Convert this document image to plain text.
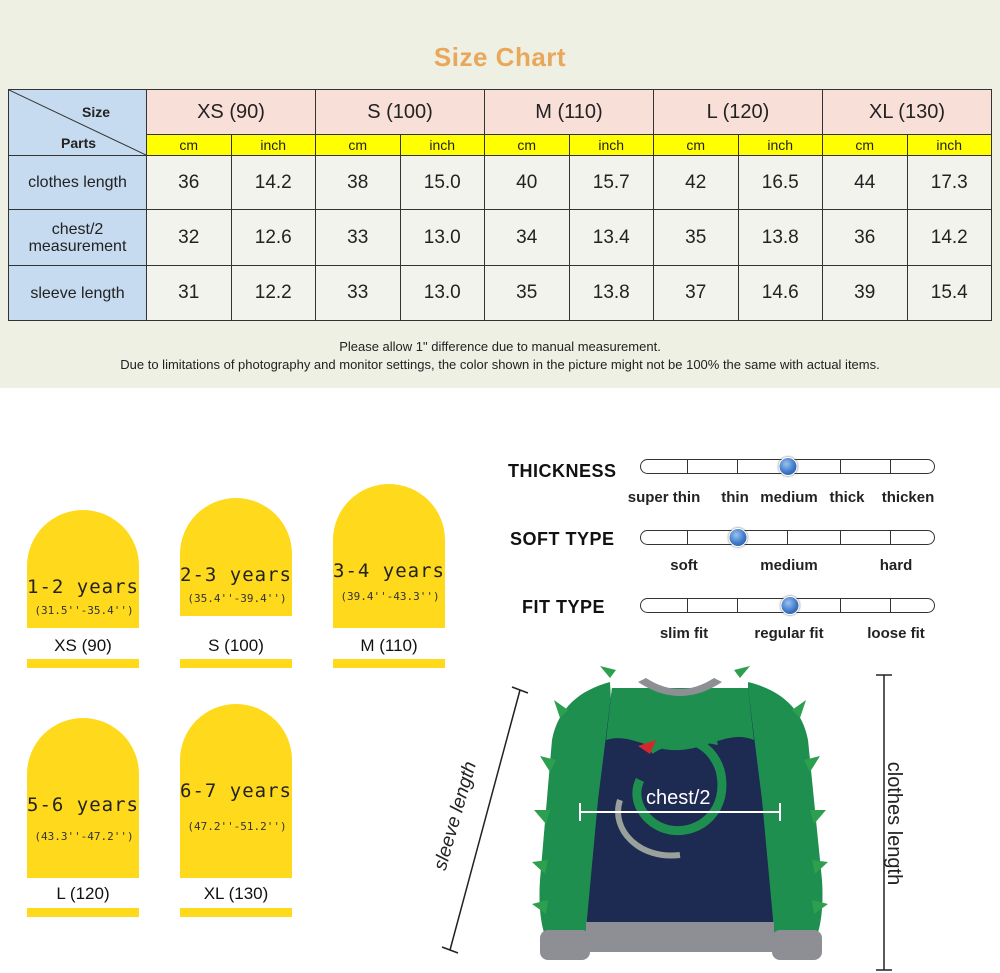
Size Chart
Size
Parts	XS (90)		S (100)		M (110)		L (120)		XL (130)	
	cm	inch	cm	inch	cm	inch	cm	inch	cm	inch
clothes length	36	14.2	38	15.0	40	15.7	42	16.5	44	17.3
chest/2 measurement	32	12.6	33	13.0	34	13.4	35	13.8	36	14.2
sleeve length	31	12.2	33	13.0	35	13.8	37	14.6	39	15.4
Please allow 1" difference due to manual measurement.
Due to limitations of photography and monitor settings, the color shown in the picture might not be 100% the same with actual items.
1-2 years
(31.5''-35.4'')
XS (90)
2-3 years
(35.4''-39.4'')
S (100)
3-4 years
(39.4''-43.3'')
M (110)
5-6 years
(43.3''-47.2'')
L (120)
6-7 years
(47.2''-51.2'')
XL (130)
THICKNESS
super thin thin medium thick thicken
SOFT TYPE
soft	medium	hard
FIT TYPE
slim fit	regular fit	loose fit
sleeve length	chest/2	clothes length
